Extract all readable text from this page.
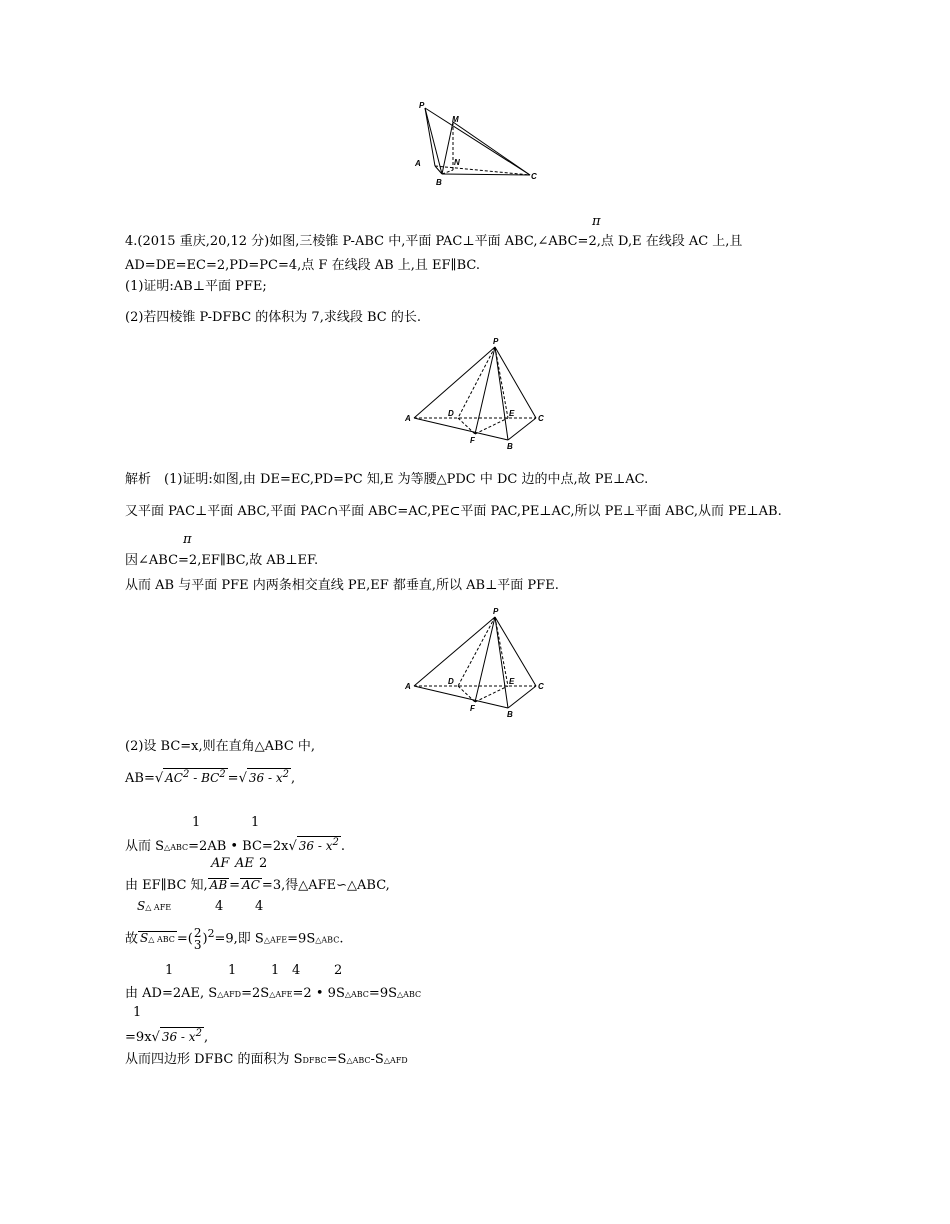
P
M
A	N
B
C
π
4.(2015 重庆,20,12 分)如图,三棱锥 P-ABC 中,平面 PAC⊥平面 ABC,∠ABC=2,点 D,E 在线段 AC 上,且
AD=DE=EC=2,PD=PC=4,点 F 在线段 AB 上,且 EF∥BC.
(1)证明:AB⊥平面 PFE;
(2)若四棱锥 P-DFBC 的体积为 7,求线段 BC 的长.
P
A
D	E
C
F
B
解析　(1)证明:如图,由 DE=EC,PD=PC 知,E 为等腰△PDC 中 DC 边的中点,故 PE⊥AC.
又平面 PAC⊥平面 ABC,平面 PAC∩平面 ABC=AC,PE⊂平面 PAC,PE⊥AC,所以 PE⊥平面 ABC,从而 PE⊥AB.
π
因∠ABC=2,EF∥BC,故 AB⊥EF.
从而 AB 与平面 PFE 内两条相交直线 PE,EF 都垂直,所以 AB⊥平面 PFE.
P
A
D	E
C
F
B
(2)设 BC=x,则在直角△ABC 中,
AB=√ $AC^2 - BC^2$ =√ $36 - x^2$ ,
1	1
从而 S△ABC=2AB • BC=2x√ $36 - x^2$ .
AF AE 2
由 EF∥BC 知, AB = AC =3,得△AFE∽△ABC,
S△ AFE	4 4
故 S△ ABC =( 2
3 )$^2$=9,即 S△AFE=9S△ABC.
1	1	1 4	2
由 AD=2AE, S△AFD=2S△AFE=2 • 9S△ABC=9S△ABC
1
=9x√ $36 - x^2$ ,
从而四边形 DFBC 的面积为 SDFBC=S△ABC-S△AFD
